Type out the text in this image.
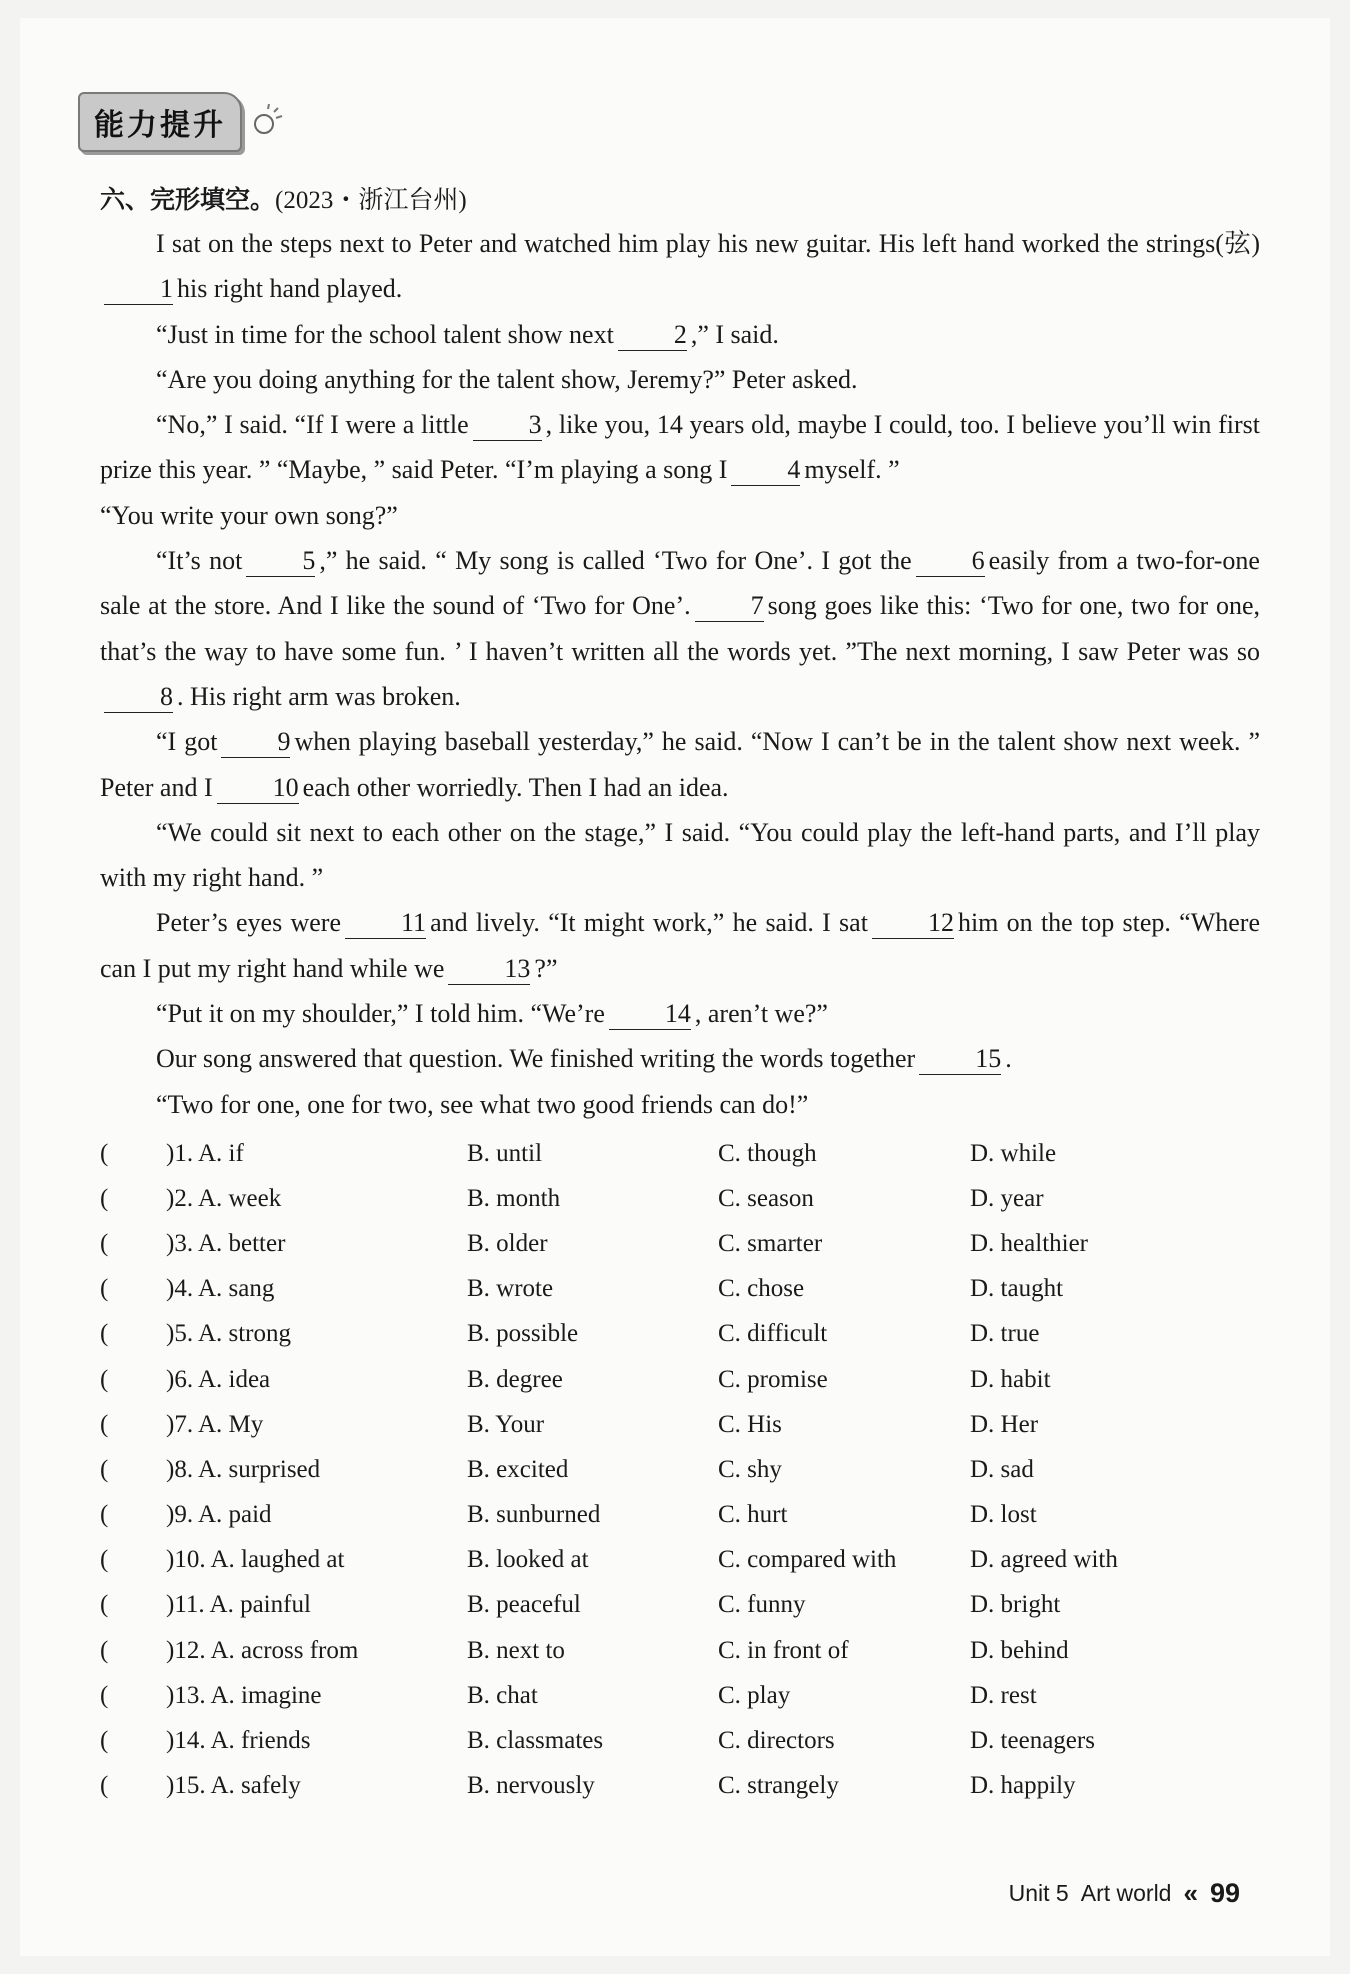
能力提升
六、完形填空。(2023・浙江台州)

I sat on the steps next to Peter and watched him play his new guitar. His left hand worked the strings(弦)1 his right hand played.

“Just in time for the school talent show next 2 ,” I said.

“Are you doing anything for the talent show, Jeremy?” Peter asked.

“No,” I said. “If I were a little 3 , like you, 14 years old, maybe I could, too. I believe you’ll win first prize this year. ” “Maybe, ” said Peter. “I’m playing a song I 4 myself. ”

“You write your own song?”

“It’s not 5 ,” he said. “ My song is called ‘Two for One’. I got the 6 easily from a two-for-one sale at the store. And I like the sound of ‘Two for One’. 7 song goes like this: ‘Two for one, two for one, that’s the way to have some fun. ’ I haven’t written all the words yet. ”The next morning, I saw Peter was so8 . His right arm was broken.

“I got 9 when playing baseball yesterday,” he said. “Now I can’t be in the talent show next week. ” Peter and I 10 each other worriedly. Then I had an idea.

“We could sit next to each other on the stage,” I said. “You could play the left-hand parts, and I’ll play with my right hand. ”

Peter’s eyes were 11 and lively. “It might work,” he said. I sat 12 him on the top step. “Where can I put my right hand while we 13 ?”

“Put it on my shoulder,” I told him. “We’re 14 , aren’t we?”

Our song answered that question. We finished writing the words together 15 .

“Two for one, one for two, see what two good friends can do!”

(	)1. A. if	B. until	C. though	D. while
(	)2. A. week	B. month	C. season	D. year
(	)3. A. better	B. older	C. smarter	D. healthier
(	)4. A. sang	B. wrote	C. chose	D. taught
(	)5. A. strong	B. possible	C. difficult	D. true
(	)6. A. idea	B. degree	C. promise	D. habit
(	)7. A. My	B. Your	C. His	D. Her
(	)8. A. surprised	B. excited	C. shy	D. sad
(	)9. A. paid	B. sunburned	C. hurt	D. lost
(	)10. A. laughed at	B. looked at	C. compared with	D. agreed with
(	)11. A. painful	B. peaceful	C. funny	D. bright
(	)12. A. across from	B. next to	C. in front of	D. behind
(	)13. A. imagine	B. chat	C. play	D. rest
(	)14. A. friends	B. classmates	C. directors	D. teenagers
(	)15. A. safely	B. nervously	C. strangely	D. happily
Unit 5 Art world « 99
